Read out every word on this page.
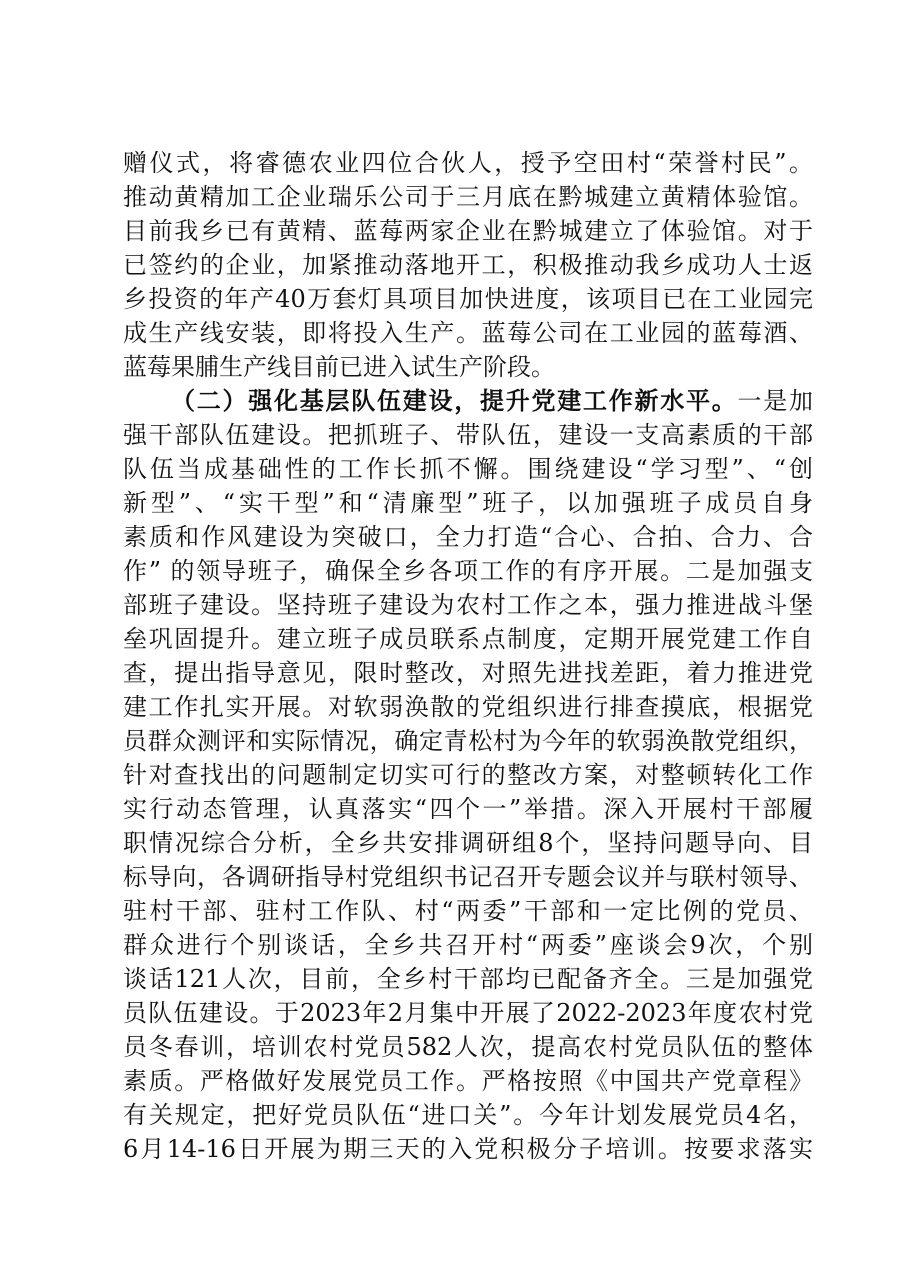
赠仪式，将睿德农业四位合伙人，授予空田村“荣誉村民”。
推动黄精加工企业瑞乐公司于三月底在黔城建立黄精体验馆。
目前我乡已有黄精、蓝莓两家企业在黔城建立了体验馆。对于
已签约的企业，加紧推动落地开工，积极推动我乡成功人士返
乡投资的年产40万套灯具项目加快进度，该项目已在工业园完
成生产线安装，即将投入生产。蓝莓公司在工业园的蓝莓酒、
蓝莓果脯生产线目前已进入试生产阶段。
（二）强化基层队伍建设，提升党建工作新水平。一是加
强干部队伍建设。把抓班子、带队伍，建设一支高素质的干部
队伍当成基础性的工作长抓不懈。围绕建设“学习型”、“创
新型”、“实干型”和“清廉型”班子，以加强班子成员自身
素质和作风建设为突破口，全力打造“合心、合拍、合力、合
作” 的领导班子，确保全乡各项工作的有序开展。二是加强支
部班子建设。坚持班子建设为农村工作之本，强力推进战斗堡
垒巩固提升。建立班子成员联系点制度，定期开展党建工作自
查，提出指导意见，限时整改，对照先进找差距，着力推进党
建工作扎实开展。对软弱涣散的党组织进行排查摸底，根据党
员群众测评和实际情况，确定青松村为今年的软弱涣散党组织，
针对查找出的问题制定切实可行的整改方案，对整顿转化工作
实行动态管理，认真落实“四个一”举措。深入开展村干部履
职情况综合分析，全乡共安排调研组8个，坚持问题导向、目
标导向，各调研指导村党组织书记召开专题会议并与联村领导、
驻村干部、驻村工作队、村“两委”干部和一定比例的党员、
群众进行个别谈话，全乡共召开村“两委”座谈会9次，个别
谈话121人次，目前，全乡村干部均已配备齐全。三是加强党
员队伍建设。于2023年2月集中开展了2022-2023年度农村党
员冬春训，培训农村党员582人次，提高农村党员队伍的整体
素质。严格做好发展党员工作。严格按照《中国共产党章程》
有关规定，把好党员队伍“进口关”。今年计划发展党员4名，
6月14-16日开展为期三天的入党积极分子培训。按要求落实
